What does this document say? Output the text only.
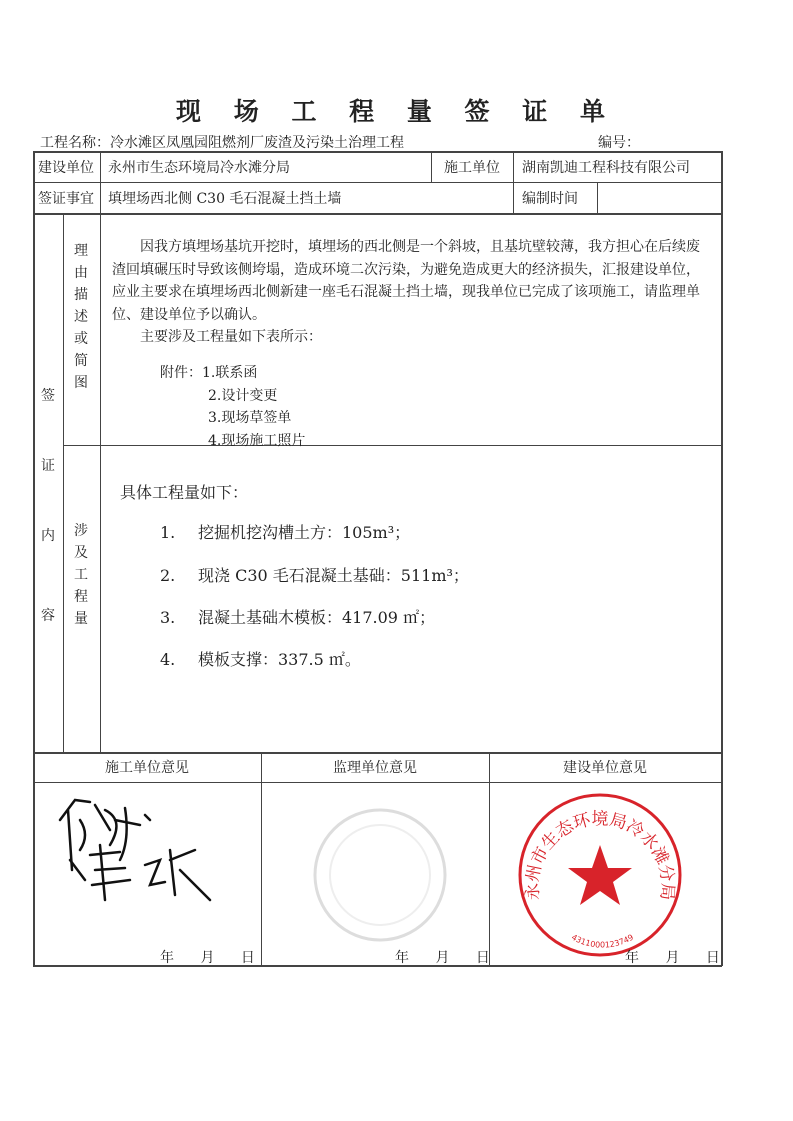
现 场 工 程 量 签 证 单
工程名称：冷水滩区凤凰园阻燃剂厂废渣及污染土治理工程	编号：
建设单位 永州市生态环境局冷水滩分局	施工单位 湖南凯迪工程科技有限公司
签证事宜 填埋场西北侧 C30 毛石混凝土挡土墙	编制时间
签
证
内
容
理
由
描
述
或
简
图
涉
及
工
程
量
因我方填埋场基坑开挖时，填埋场的西北侧是一个斜坡，且基坑壁较薄，我方担心在后续废渣回填碾压时导致该侧垮塌，造成环境二次污染，为避免造成更大的经济损失，汇报建设单位，应业主要求在填埋场西北侧新建一座毛石混凝土挡土墙，现我单位已完成了该项施工，请监理单位、建设单位予以确认。
主要涉及工程量如下表所示：
附件：1.联系函
2.设计变更
3.现场草签单
4.现场施工照片
具体工程量如下：
1. 挖掘机挖沟槽土方：105m³；
2. 现浇 C30 毛石混凝土基础：511m³；
3. 混凝土基础木模板：417.09 ㎡；
4. 模板支撑：337.5 ㎡。
施工单位意见	监理单位意见	建设单位意见
永州市生态环境局冷水滩分局
4311000123749
年 月 日	年 月 日	年 月 日
